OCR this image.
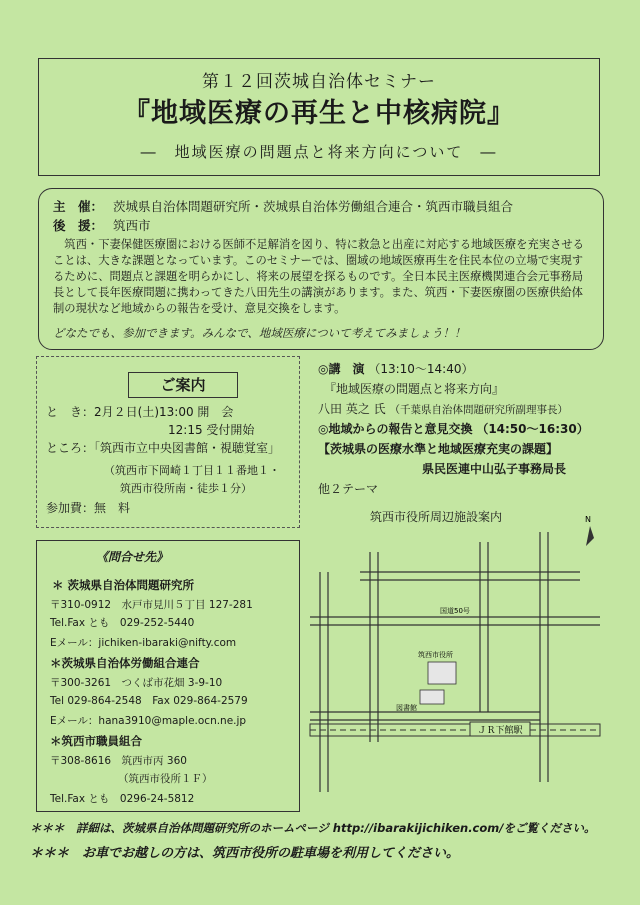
第１２回茨城自治体セミナー
『地域医療の再生と中核病院』
―　地域医療の問題点と将来方向について　―
主　催： 茨城県自治体問題研究所・茨城県自治体労働組合連合・筑西市職員組合
後　援： 筑西市
筑西・下妻保健医療圏における医師不足解消を図り、特に救急と出産に対応する地域医療を充実させることは、大きな課題となっています。このセミナーでは、圏域の地域医療再生を住民本位の立場で実現するために、問題点と課題を明らかにし、将来の展望を探るものです。全日本民主医療機関連合会元事務局長として長年医療問題に携わってきた八田先生の講演があります。また、筑西・下妻医療圏の医療供給体制の現状など地域からの報告を受け、意見交換をします。
どなたでも、参加できます。みんなで、地域医療について考えてみましょう！！
ご案内
と　き：2月２日(土)13:00 開　会
12:15 受付開始
ところ：「筑西市立中央図書館・視聴覚室」
（筑西市下岡崎１丁目１１番地１・
筑西市役所南・徒歩１分）
参加費：無　料
◎講　演 （13:10～14:40）
『地域医療の問題点と将来方向』
八田 英之 氏 （千葉県自治体問題研究所副理事長）
◎地域からの報告と意見交換 （14:50～16:30）
【茨城県の医療水準と地域医療充実の課題】
県民医連中山弘子事務局長
他２テーマ
《問合せ先》
＊ 茨城県自治体問題研究所
〒310-0912　水戸市見川５丁目 127-281
Tel.Fax とも　029-252-5440
Eメール：jichiken-ibaraki@nifty.com
＊茨城県自治体労働組合連合
〒300-3261　つくば市花畑 3-9-10
Tel 029-864-2548　Fax 029-864-2579
Eメール：hana3910@maple.ocn.ne.jp
＊筑西市職員組合
〒308-8616　筑西市丙 360
（筑西市役所１Ｆ）
Tel.Fax とも　0296-24-5812
筑西市役所周辺施設案内
ＪＲ下館駅
筑西市役所
図書館
国道50号
N
＊＊＊　詳細は、茨城県自治体問題研究所のホームページ http://ibarakijichiken.com/をご覧ください。
＊＊＊　お車でお越しの方は、筑西市役所の駐車場を利用してください。
